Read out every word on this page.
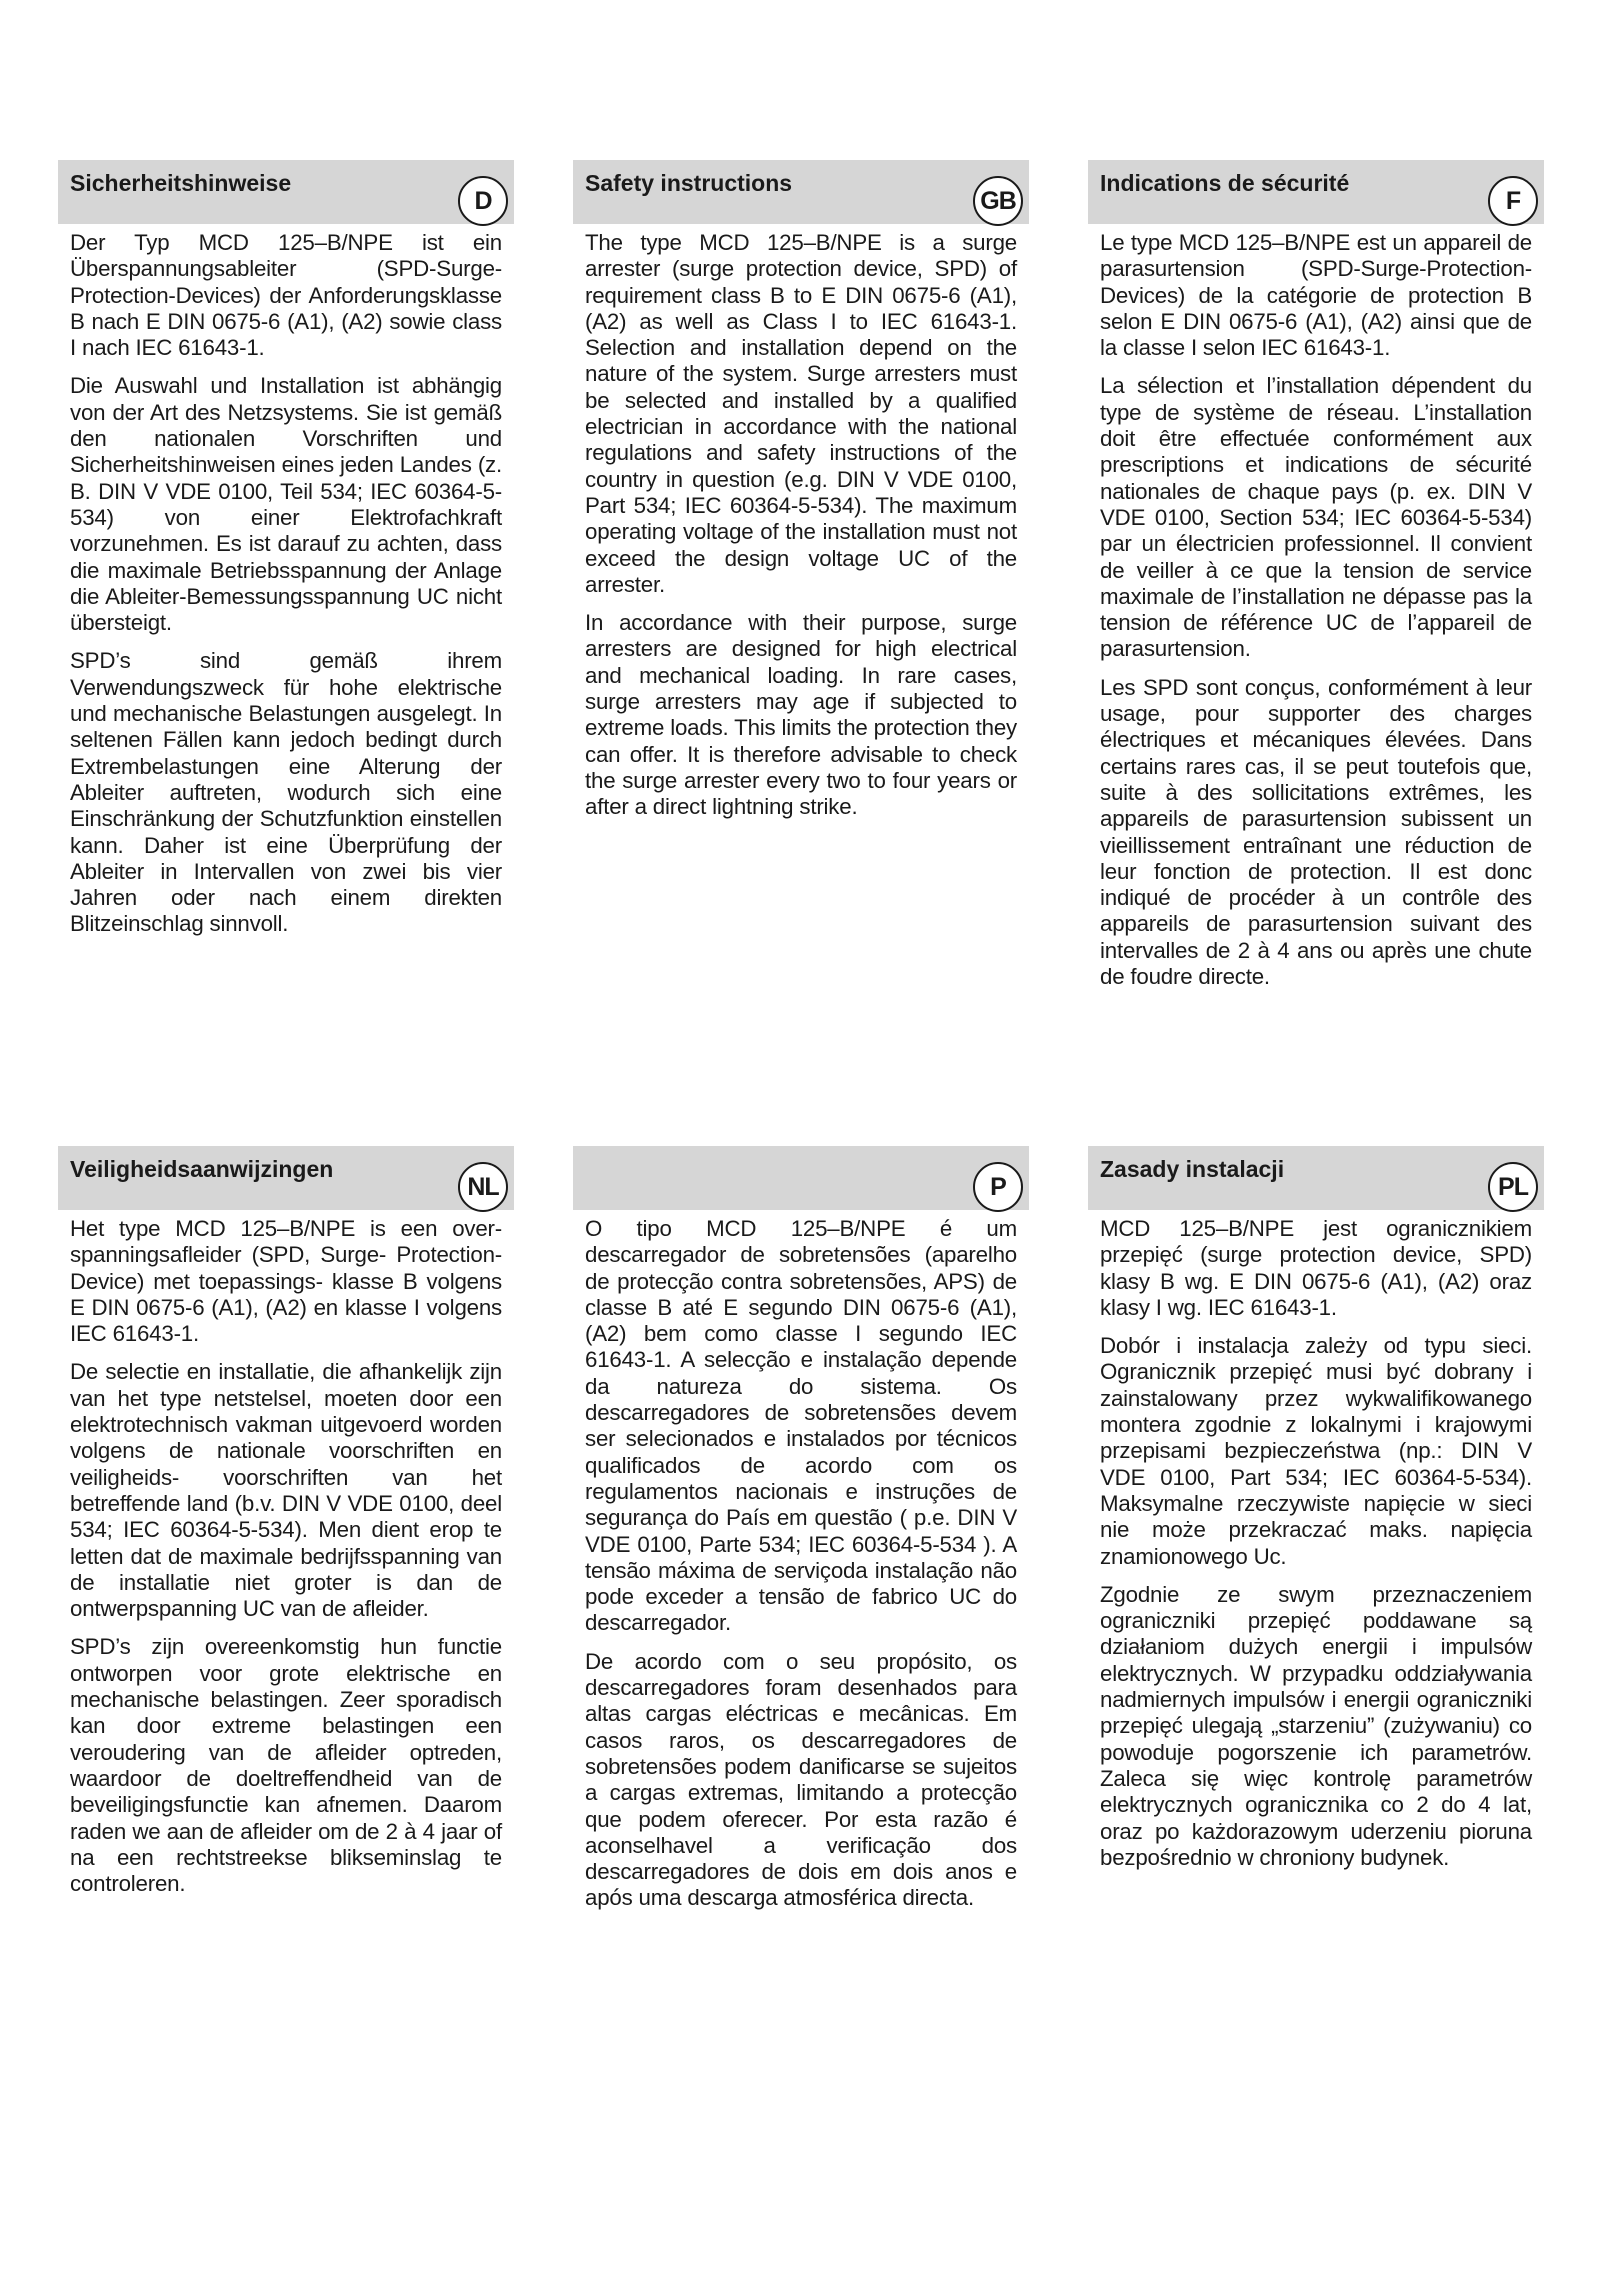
Sicherheitshinweise
D

Der Typ MCD 125–B/NPE ist ein Überspannungsableiter (SPD-Surge-Protection-Devices) der Anforderungsklasse B nach E DIN 0675-6 (A1), (A2) sowie class I nach IEC 61643-1.

Die Auswahl und Installation ist abhängig von der Art des Netzsystems. Sie ist gemäß den nationalen Vorschriften und Sicherheitshinweisen eines jeden Landes (z. B. DIN V VDE 0100, Teil 534; IEC 60364-5-534) von einer Elektrofachkraft vorzunehmen. Es ist darauf zu achten, dass die maximale Betriebsspannung der Anlage die Ableiter-Bemessungsspannung UC nicht übersteigt.

SPD’s sind gemäß ihrem Verwendungszweck für hohe elektrische und mechanische Belastungen ausgelegt. In seltenen Fällen kann jedoch bedingt durch Extrembelastungen eine Alterung der Ableiter auftreten, wodurch sich eine Einschränkung der Schutzfunktion einstellen kann. Daher ist eine Überprüfung der Ableiter in Intervallen von zwei bis vier Jahren oder nach einem direkten Blitzeinschlag sinnvoll.

Safety instructions
GB

The type MCD 125–B/NPE is a surge arrester (surge protection device, SPD) of requirement class B to E DIN 0675-6 (A1), (A2) as well as Class I to IEC 61643-1. Selection and installation depend on the nature of the system. Surge arresters must be selected and installed by a qualified electrician in accordance with the national regulations and safety instructions of the country in question (e.g. DIN V VDE 0100, Part 534; IEC 60364-5-534). The maximum operating voltage of the installation must not exceed the design voltage UC of the arrester.

In accordance with their purpose, surge arresters are designed for high electrical and mechanical loading. In rare cases, surge arresters may age if subjected to extreme loads. This limits the protection they can offer. It is therefore advisable to check the surge arrester every two to four years or after a direct lightning strike.

Indications de sécurité
F

Le type MCD 125–B/NPE est un appareil de parasurtension (SPD-Surge-Protection-Devices) de la catégorie de protection B selon E DIN 0675-6 (A1), (A2) ainsi que de la classe I selon IEC 61643-1.

La sélection et l’installation dépendent du type de système de réseau. L’installation doit être effectuée conformément aux prescriptions et indications de sécurité nationales de chaque pays (p. ex. DIN V VDE 0100, Section 534; IEC 60364-5-534) par un électricien professionnel. Il convient de veiller à ce que la tension de service maximale de l’installation ne dépasse pas la tension de référence UC de l’appareil de parasurtension.

Les SPD sont conçus, conformément à leur usage, pour supporter des charges électriques et mécaniques élevées. Dans certains rares cas, il se peut toutefois que, suite à des sollicitations extrêmes, les appareils de parasurtension subissent un vieillissement entraînant une réduction de leur fonction de protection. Il est donc indiqué de procéder à un contrôle des appareils de parasurtension suivant des intervalles de 2 à 4 ans ou après une chute de foudre directe.

Veiligheidsaanwijzingen
NL

Het type MCD 125–B/NPE is een over- spanningsafleider (SPD, Surge- Protection-Device) met toepassings- klasse B volgens E DIN 0675-6 (A1), (A2) en klasse I volgens IEC 61643-1.

De selectie en installatie, die afhankelijk zijn van het type netstelsel, moeten door een elektrotechnisch vakman uitgevoerd worden volgens de nationale voorschriften en veiligheids- voorschriften van het betreffende land (b.v. DIN V VDE 0100, deel 534; IEC 60364-5-534). Men dient erop te letten dat de maximale bedrijfsspanning van de installatie niet groter is dan de ontwerpspanning UC van de afleider.

SPD’s zijn overeenkomstig hun functie ontworpen voor grote elektrische en mechanische belastingen. Zeer sporadisch kan door extreme belastingen een veroudering van de afleider optreden, waardoor de doeltreffendheid van de beveiligingsfunctie kan afnemen. Daarom raden we aan de afleider om de 2 à 4 jaar of na een rechtstreekse blikseminslag te controleren.

P

O tipo MCD 125–B/NPE é um descarregador de sobretensões (aparelho de protecção contra sobretensões, APS) de classe B até E segundo DIN 0675-6 (A1), (A2) bem como classe I segundo IEC 61643-1. A selecção e instalação depende da natureza do sistema. Os descarregadores de sobretensões devem ser selecionados e instalados por técnicos qualificados de acordo com os regulamentos nacionais e instruções de segurança do País em questão ( p.e. DIN V VDE 0100, Parte 534; IEC 60364-5-534 ). A tensão máxima de serviçoda instalação não pode exceder a tensão de fabrico UC do descarregador.

De acordo com o seu propósito, os descarregadores foram desenhados para altas cargas eléctricas e mecânicas. Em casos raros, os descarregadores de sobretensões podem danificarse se sujeitos a cargas extremas, limitando a protecção que podem oferecer. Por esta razão é aconselhavel a verificação dos descarregadores de dois em dois anos e após uma descarga atmosférica directa.

Zasady instalacji
PL

MCD 125–B/NPE jest ogranicznikiem przepięć (surge protection device, SPD) klasy B wg. E DIN 0675-6 (A1), (A2) oraz klasy I wg. IEC 61643-1.

Dobór i instalacja zależy od typu sieci. Ogranicznik przepięć musi być dobrany i zainstalowany przez wykwalifikowanego montera zgodnie z lokalnymi i krajowymi przepisami bezpieczeństwa (np.: DIN V VDE 0100, Part 534; IEC 60364-5-534). Maksymalne rzeczywiste napięcie w sieci nie może przekraczać maks. napięcia znamionowego Uc.

Zgodnie ze swym przeznaczeniem ograniczniki przepięć poddawane są działaniom dużych energii i impulsów elektrycznych. W przypadku oddziaływania nadmiernych impulsów i energii ograniczniki przepięć ulegają „starzeniu” (zużywaniu) co powoduje pogorszenie ich parametrów. Zaleca się więc kontrolę parametrów elektrycznych ogranicznika co 2 do 4 lat, oraz po każdorazowym uderzeniu pioruna bezpośrednio w chroniony budynek.
